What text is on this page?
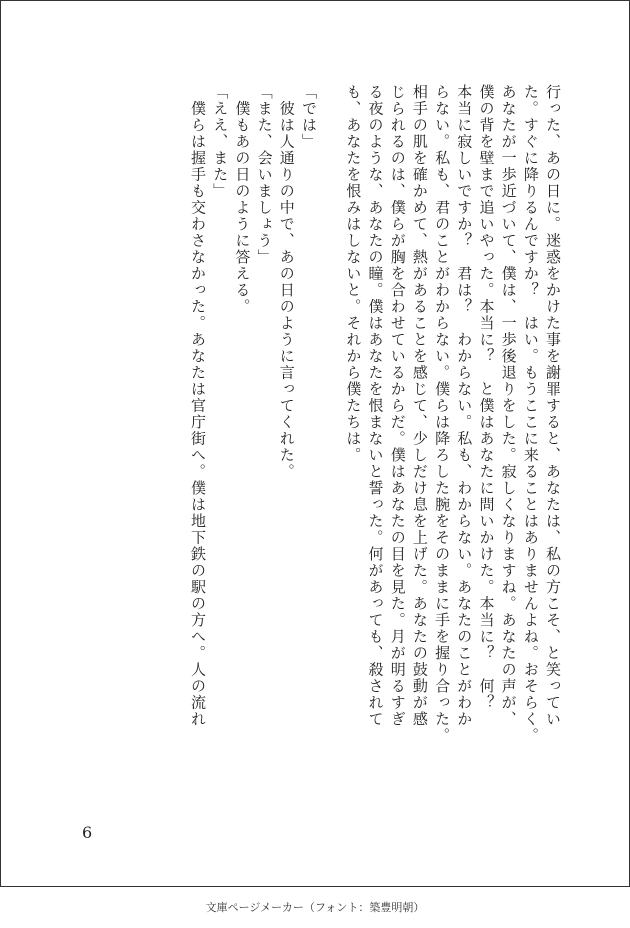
行った、あの日に。迷惑をかけた事を謝罪すると、あなたは、私の方こそ、と笑ってい
た。すぐに降りるんですか？　はい。もうここに来ることはありませんよね。おそらく。
あなたが一歩近づいて、僕は、一歩後退りをした。寂しくなりますね。あなたの声が、
僕の背を壁まで追いやった。本当に？　と僕はあなたに問いかけた。本当に？　何？
本当に寂しいですか？　君は？　わからない。私も、わからない。あなたのことがわか
らない。私も、君のことがわからない。僕らは降ろした腕をそのままに手を握り合った。
相手の肌を確かめて、熱があることを感じて、少しだけ息を上げた。あなたの鼓動が感
じられるのは、僕らが胸を合わせているからだ。僕はあなたの目を見た。月が明るすぎ
る夜のような、あなたの瞳。僕はあなたを恨まないと誓った。何があっても、殺されて
も、あなたを恨みはしないと。それから僕たちは。
「では」
　彼は人通りの中で、あの日のように言ってくれた。
「また、会いましょう」
　僕もあの日のように答える。
「ええ、また」
　僕らは握手も交わさなかった。あなたは官庁街へ。僕は地下鉄の駅の方へ。人の流れ
6
文庫ページメーカー（フォント：築豊明朝）
